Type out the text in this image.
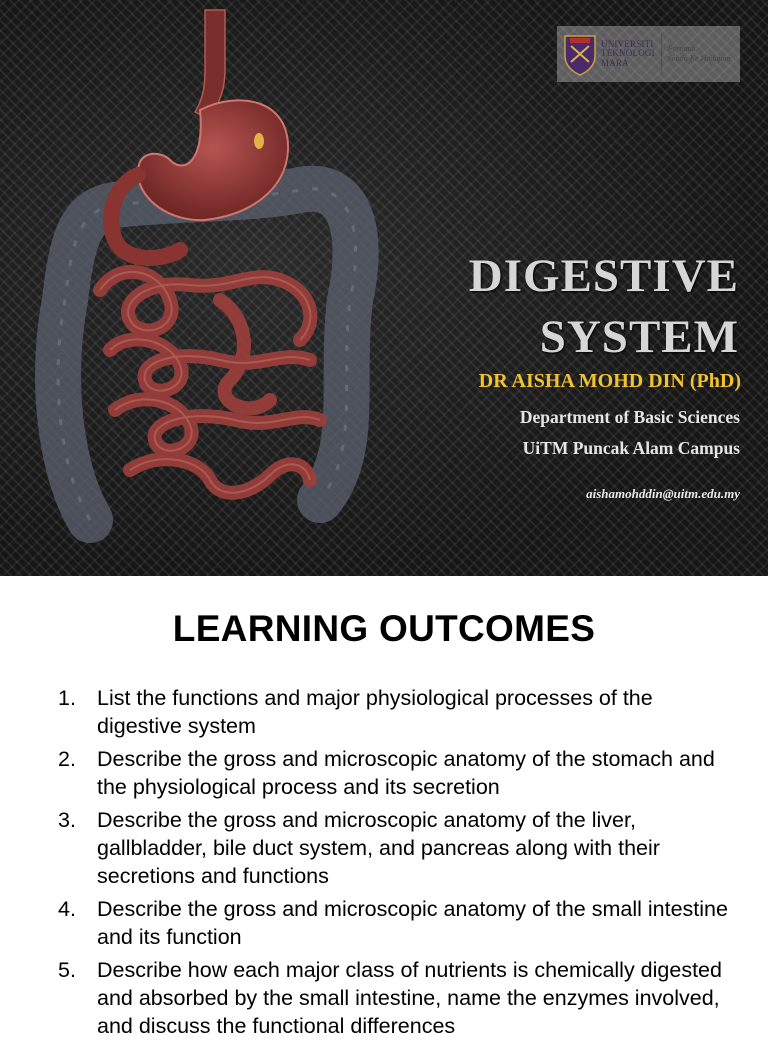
UNIVERSITI
TEKNOLOGI
MARA
Pertama
Selalu Ke Hadapan
DIGESTIVE
SYSTEM

DR AISHA MOHD DIN (PhD)

Department of Basic Sciences
UiTM Puncak Alam Campus
aishamohddin@uitm.edu.my
LEARNING OUTCOMES
1. List the functions and major physiological processes of the digestive system
2. Describe the gross and microscopic anatomy of the stomach and the physiological process and its secretion
3. Describe the gross and microscopic anatomy of the liver, gallbladder, bile duct system, and pancreas along with their secretions and functions
4. Describe the gross and microscopic anatomy of the small intestine and its function
5. Describe how each major class of nutrients is chemically digested and absorbed by the small intestine, name the enzymes involved, and discuss the functional differences
